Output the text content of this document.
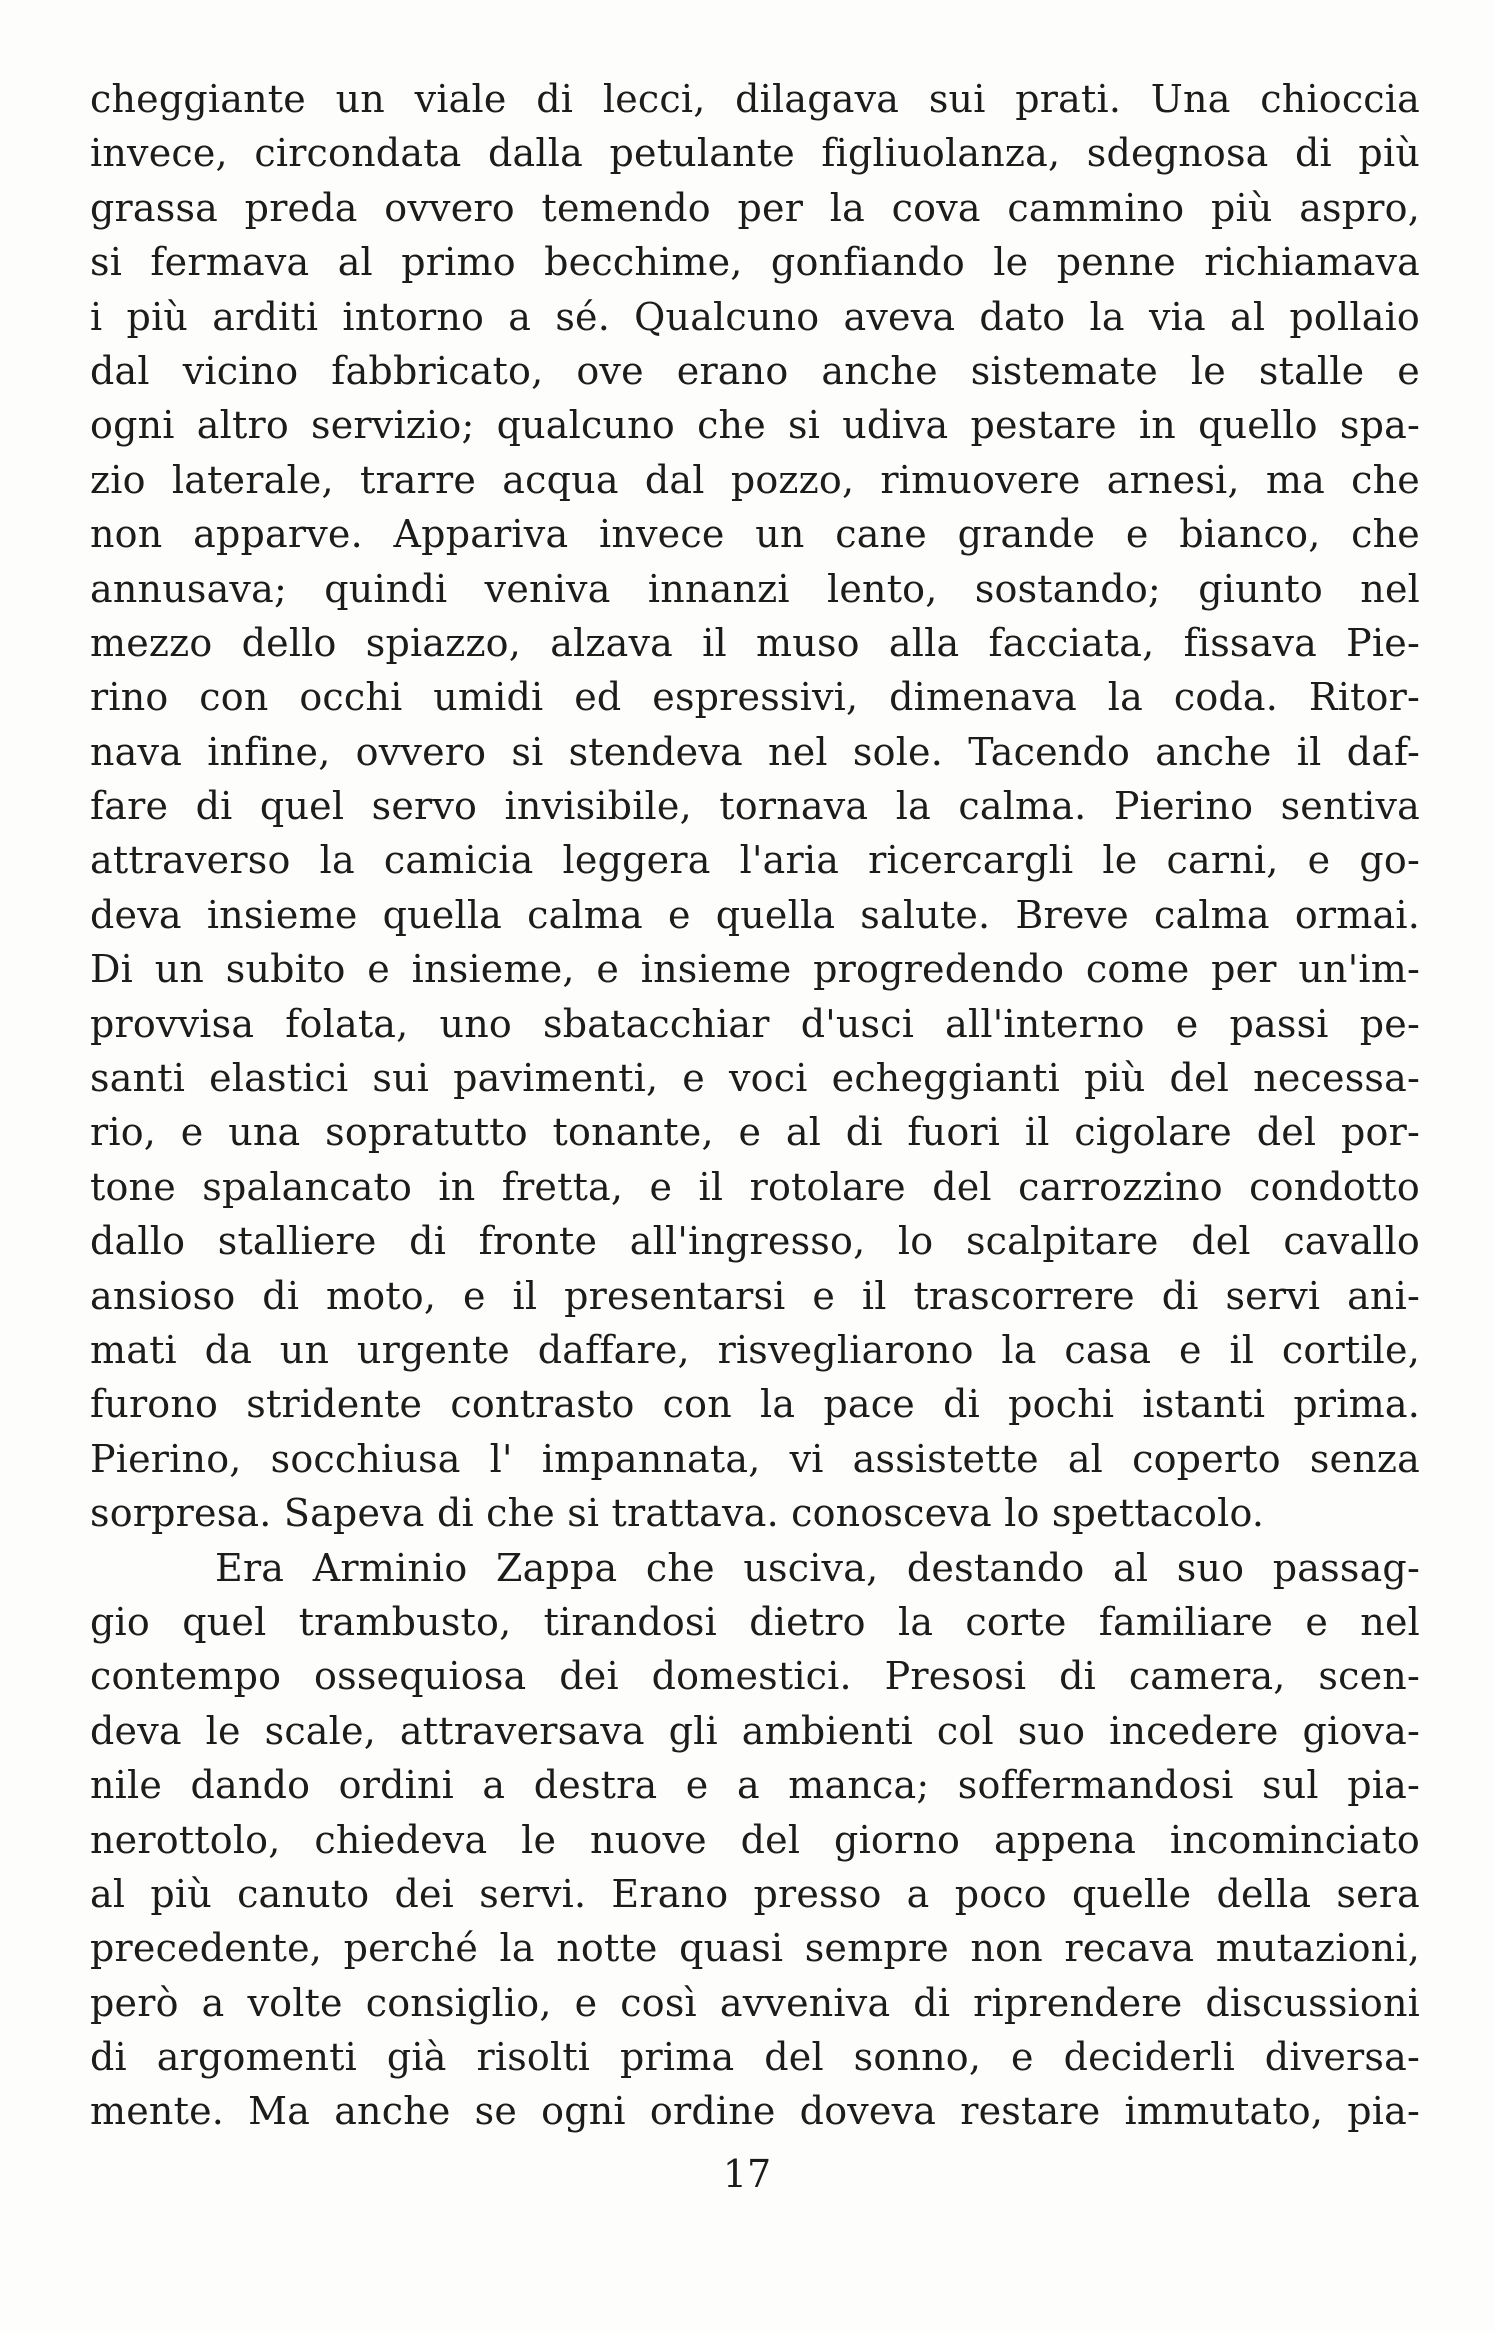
cheggiante un viale di lecci, dilagava sui prati. Una chioccia
invece, circondata dalla petulante figliuolanza, sdegnosa di più
grassa preda ovvero temendo per la cova cammino più aspro,
si fermava al primo becchime, gonfiando le penne richiamava
i più arditi intorno a sé. Qualcuno aveva dato la via al pollaio
dal vicino fabbricato, ove erano anche sistemate le stalle e
ogni altro servizio; qualcuno che si udiva pestare in quello spa-
zio laterale, trarre acqua dal pozzo, rimuovere arnesi, ma che
non apparve. Appariva invece un cane grande e bianco, che
annusava; quindi veniva innanzi lento, sostando; giunto nel
mezzo dello spiazzo, alzava il muso alla facciata, fissava Pie-
rino con occhi umidi ed espressivi, dimenava la coda. Ritor-
nava infine, ovvero si stendeva nel sole. Tacendo anche il daf-
fare di quel servo invisibile, tornava la calma. Pierino sentiva
attraverso la camicia leggera l'aria ricercargli le carni, e go-
deva insieme quella calma e quella salute. Breve calma ormai.
Di un subito e insieme, e insieme progredendo come per un'im-
provvisa folata, uno sbatacchiar d'usci all'interno e passi pe-
santi elastici sui pavimenti, e voci echeggianti più del necessa-
rio, e una sopratutto tonante, e al di fuori il cigolare del por-
tone spalancato in fretta, e il rotolare del carrozzino condotto
dallo stalliere di fronte all'ingresso, lo scalpitare del cavallo
ansioso di moto, e il presentarsi e il trascorrere di servi ani-
mati da un urgente daffare, risvegliarono la casa e il cortile,
furono stridente contrasto con la pace di pochi istanti prima.
Pierino, socchiusa l' impannata, vi assistette al coperto senza
sorpresa. Sapeva di che si trattava. conosceva lo spettacolo.
Era Arminio Zappa che usciva, destando al suo passag-
gio quel trambusto, tirandosi dietro la corte familiare e nel
contempo ossequiosa dei domestici. Presosi di camera, scen-
deva le scale, attraversava gli ambienti col suo incedere giova-
nile dando ordini a destra e a manca; soffermandosi sul pia-
nerottolo, chiedeva le nuove del giorno appena incominciato
al più canuto dei servi. Erano presso a poco quelle della sera
precedente, perché la notte quasi sempre non recava mutazioni,
però a volte consiglio, e così avveniva di riprendere discussioni
di argomenti già risolti prima del sonno, e deciderli diversa-
mente. Ma anche se ogni ordine doveva restare immutato, pia-
17
